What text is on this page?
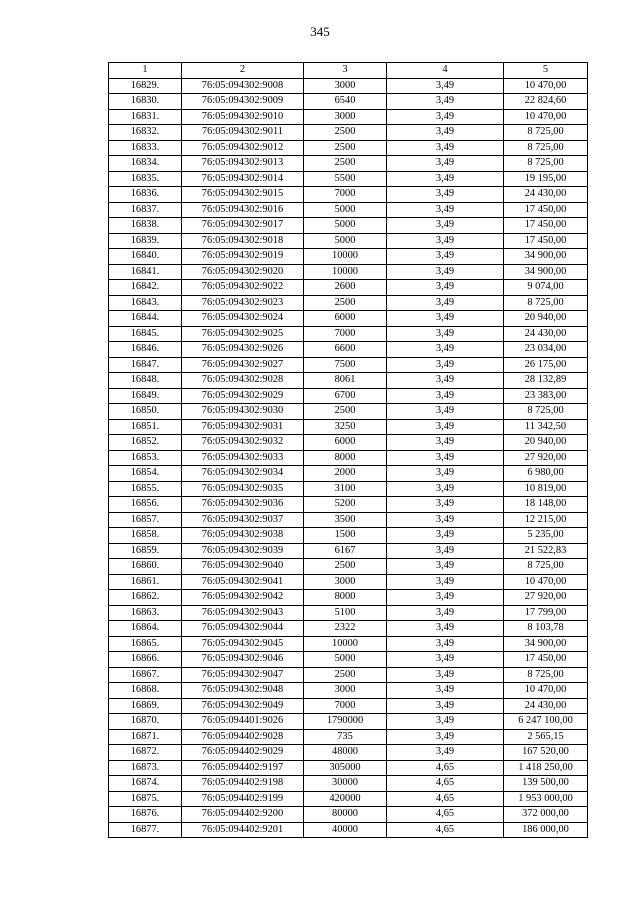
345
1	2	3	4	5
16829.	76:05:094302:9008	3000	3,49	10 470,00
16830.	76:05:094302:9009	6540	3,49	22 824,60
16831.	76:05:094302:9010	3000	3,49	10 470,00
16832.	76:05:094302:9011	2500	3,49	8 725,00
16833.	76:05:094302:9012	2500	3,49	8 725,00
16834.	76:05:094302:9013	2500	3,49	8 725,00
16835.	76:05:094302:9014	5500	3,49	19 195,00
16836.	76:05:094302:9015	7000	3,49	24 430,00
16837.	76:05:094302:9016	5000	3,49	17 450,00
16838.	76:05:094302:9017	5000	3,49	17 450,00
16839.	76:05:094302:9018	5000	3,49	17 450,00
16840.	76:05:094302:9019	10000	3,49	34 900,00
16841.	76:05:094302:9020	10000	3,49	34 900,00
16842.	76:05:094302:9022	2600	3,49	9 074,00
16843.	76:05:094302:9023	2500	3,49	8 725,00
16844.	76:05:094302:9024	6000	3,49	20 940,00
16845.	76:05:094302:9025	7000	3,49	24 430,00
16846.	76:05:094302:9026	6600	3,49	23 034,00
16847.	76:05:094302:9027	7500	3,49	26 175,00
16848.	76:05:094302:9028	8061	3,49	28 132,89
16849.	76:05:094302:9029	6700	3,49	23 383,00
16850.	76:05:094302:9030	2500	3,49	8 725,00
16851.	76:05:094302:9031	3250	3,49	11 342,50
16852.	76:05:094302:9032	6000	3,49	20 940,00
16853.	76:05:094302:9033	8000	3,49	27 920,00
16854.	76:05:094302:9034	2000	3,49	6 980,00
16855.	76:05:094302:9035	3100	3,49	10 819,00
16856.	76:05:094302:9036	5200	3,49	18 148,00
16857.	76:05:094302:9037	3500	3,49	12 215,00
16858.	76:05:094302:9038	1500	3,49	5 235,00
16859.	76:05:094302:9039	6167	3,49	21 522,83
16860.	76:05:094302:9040	2500	3,49	8 725,00
16861.	76:05:094302:9041	3000	3,49	10 470,00
16862.	76:05:094302:9042	8000	3,49	27 920,00
16863.	76:05:094302:9043	5100	3,49	17 799,00
16864.	76:05:094302:9044	2322	3,49	8 103,78
16865.	76:05:094302:9045	10000	3,49	34 900,00
16866.	76:05:094302:9046	5000	3,49	17 450,00
16867.	76:05:094302:9047	2500	3,49	8 725,00
16868.	76:05:094302:9048	3000	3,49	10 470,00
16869.	76:05:094302:9049	7000	3,49	24 430,00
16870.	76:05:094401:9026	1790000	3,49	6 247 100,00
16871.	76:05:094402:9028	735	3,49	2 565,15
16872.	76:05:094402:9029	48000	3,49	167 520,00
16873.	76:05:094402:9197	305000	4,65	1 418 250,00
16874.	76:05:094402:9198	30000	4,65	139 500,00
16875.	76:05:094402:9199	420000	4,65	1 953 000,00
16876.	76:05:094402:9200	80000	4,65	372 000,00
16877.	76:05:094402:9201	40000	4,65	186 000,00
